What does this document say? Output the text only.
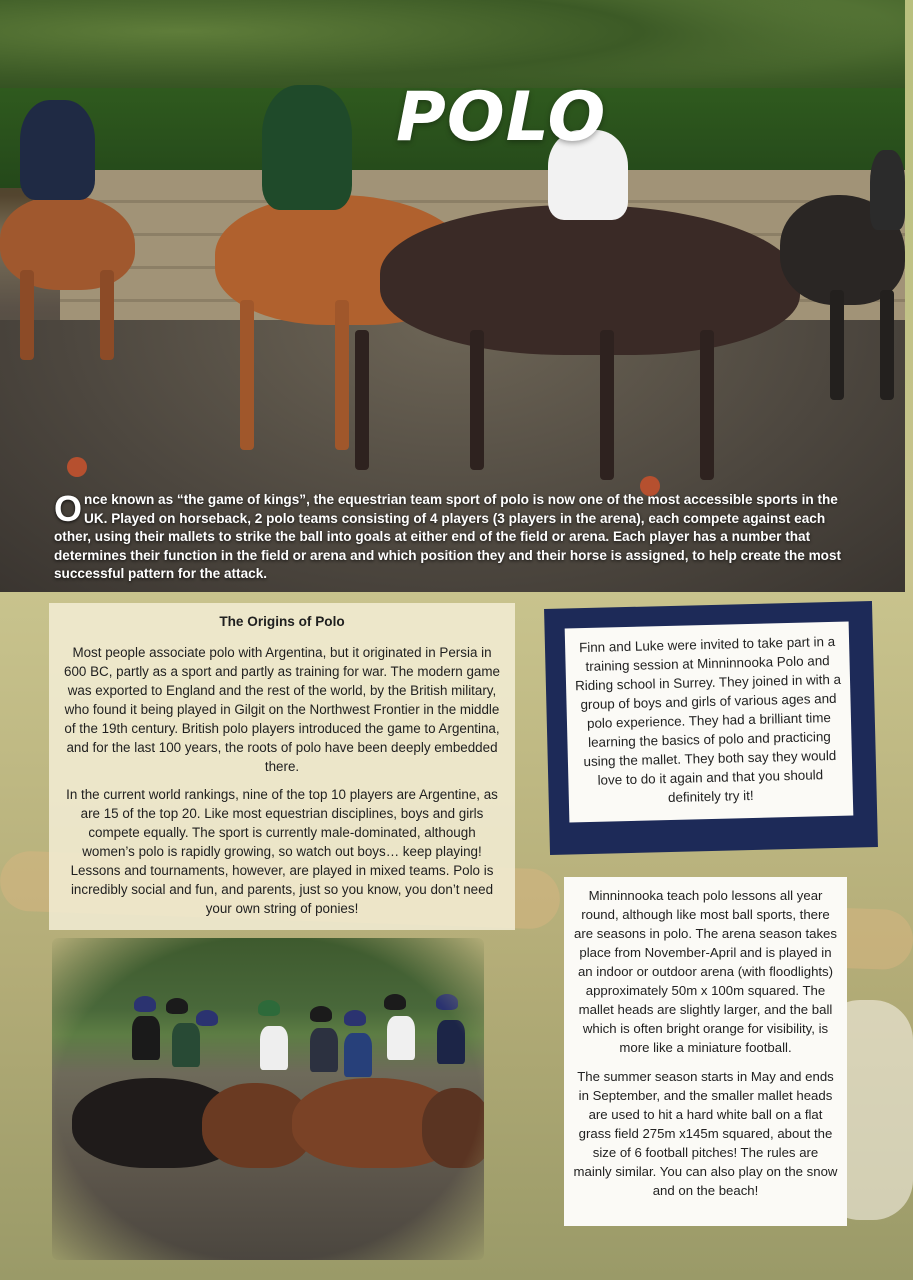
POLO

Once known as “the game of kings”, the equestrian team sport of polo is now one of the most accessible sports in the UK. Played on horseback, 2 polo teams consisting of 4 players (3 players in the arena), each compete against each other, using their mallets to strike the ball into goals at either end of the field or arena. Each player has a number that determines their function in the field or arena and which position they and their horse is assigned, to help create the most successful pattern for the attack.

The Origins of Polo

Most people associate polo with Argentina, but it originated in Persia in 600 BC, partly as a sport and partly as training for war. The modern game was exported to England and the rest of the world, by the British military, who found it being played in Gilgit on the Northwest Frontier in the middle of the 19th century. British polo players introduced the game to Argentina, and for the last 100 years, the roots of polo have been deeply embedded there.

In the current world rankings, nine of the top 10 players are Argentine, as are 15 of the top 20. Like most equestrian disciplines, boys and girls compete equally. The sport is currently male-dominated, although women’s polo is rapidly growing, so watch out boys… keep playing! Lessons and tournaments, however, are played in mixed teams. Polo is incredibly social and fun, and parents, just so you know, you don’t need your own string of ponies!

Finn and Luke were invited to take part in a training session at Minninnooka Polo and Riding school in Surrey. They joined in with a group of boys and girls of various ages and polo experience. They had a brilliant time learning the basics of polo and practicing using the mallet. They both say they would love to do it again and that you should definitely try it!

Minninnooka teach polo lessons all year round, although like most ball sports, there are seasons in polo. The arena season takes place from November-April and is played in an indoor or outdoor arena (with floodlights) approximately 50m x 100m squared. The mallet heads are slightly larger, and the ball which is often bright orange for visibility, is more like a miniature football.

The summer season starts in May and ends in September, and the smaller mallet heads are used to hit a hard white ball on a flat grass field 275m x145m squared, about the size of 6 football pitches! The rules are mainly similar. You can also play on the snow and on the beach!
